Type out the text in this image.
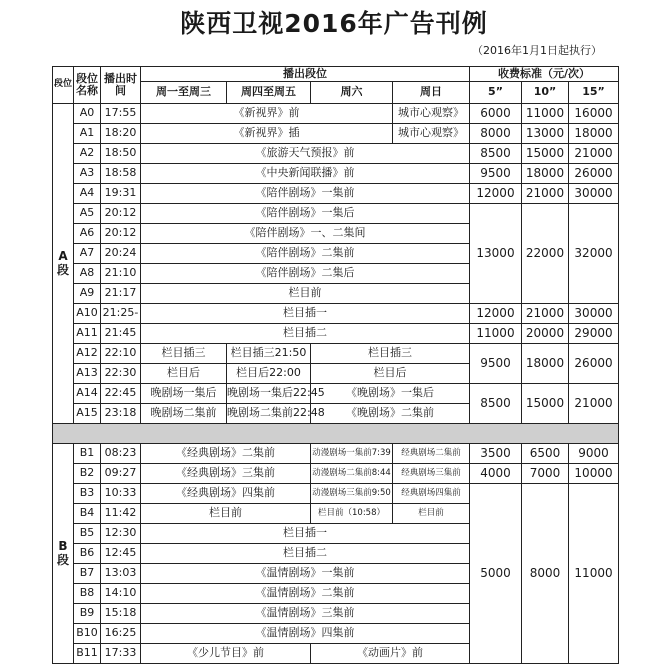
陕西卫视2016年广告刊例
（2016年1月1日起执行）
段位	段位名称	播出时间	播出段位				收费标准（元/次）		
			周一至周三	周四至周五	周六	周日	5”	10”	15”
A段	A0	17:55	《新视界》前			城市心观察》	6000	11000	16000
	A1	18:20	《新视界》插			城市心观察》	8000	13000	18000
	A2	18:50	《旅游天气预报》前				8500	15000	21000
	A3	18:58	《中央新闻联播》前				9500	18000	26000
	A4	19:31	《陪伴剧场》一集前				12000	21000	30000
	A5	20:12	《陪伴剧场》一集后				13000	22000	32000
	A6	20:12	《陪伴剧场》一、二集间						
	A7	20:24	《陪伴剧场》二集前						
	A8	21:10	《陪伴剧场》二集后						
	A9	21:17	栏目前						
	A10	21:25-	栏目插一				12000	21000	30000
	A11	21:45	栏目插二				11000	20000	29000
	A12	22:10	栏目插三	栏目插三21:50	栏目插三		9500	18000	26000
	A13	22:30	栏目后	栏目后22:00	栏目后				
	A14	22:45	晚剧场一集后	晚剧场一集后22:45	《晚剧场》一集后		8500	15000	21000
	A15	23:18	晚剧场二集前	晚剧场二集前22:48	《晚剧场》二集前				

B段	B1	08:23	《经典剧场》二集前		动漫剧场一集前7:39	经典剧场二集前	3500	6500	9000
	B2	09:27	《经典剧场》三集前		动漫剧场二集前8:44	经典剧场三集前	4000	7000	10000
	B3	10:33	《经典剧场》四集前		动漫剧场三集前9:50	经典剧场四集前	5000	8000	11000
	B4	11:42	栏目前		栏目前（10:58）	栏目前			
	B5	12:30	栏目插一						
	B6	12:45	栏目插二						
	B7	13:03	《温情剧场》一集前						
	B8	14:10	《温情剧场》二集前						
	B9	15:18	《温情剧场》三集前						
	B10	16:25	《温情剧场》四集前						
	B11	17:33	《少儿节目》前		《动画片》前				
